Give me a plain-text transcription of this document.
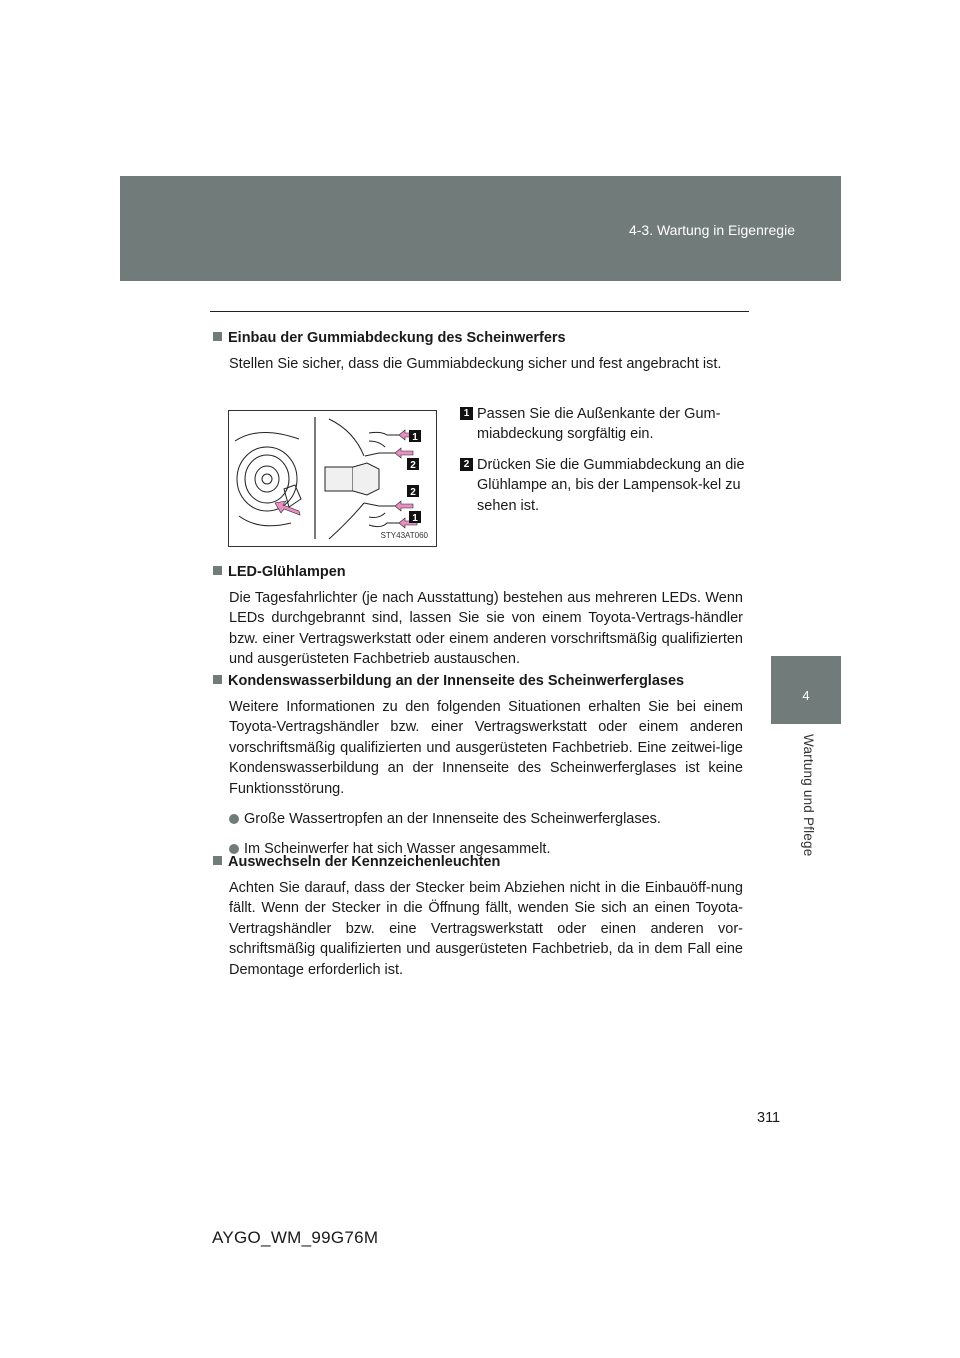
4-3. Wartung in Eigenregie
4
Wartung und Pflege
Einbau der Gummiabdeckung des Scheinwerfers
Stellen Sie sicher, dass die Gummiabdeckung sicher und fest angebracht ist.
1
2
2
1
STY43AT060
1 Passen Sie die Außenkante der Gum-miabdeckung sorgfältig ein.
2 Drücken Sie die Gummiabdeckung an die Glühlampe an, bis der Lampensok-kel zu sehen ist.
LED-Glühlampen
Die Tagesfahrlichter (je nach Ausstattung) bestehen aus mehreren LEDs. Wenn LEDs durchgebrannt sind, lassen Sie sie von einem Toyota-Vertrags-händler bzw. einer Vertragswerkstatt oder einem anderen vorschriftsmäßig qualifizierten und ausgerüsteten Fachbetrieb austauschen.
Kondenswasserbildung an der Innenseite des Scheinwerferglases
Weitere Informationen zu den folgenden Situationen erhalten Sie bei einem Toyota-Vertragshändler bzw. einer Vertragswerkstatt oder einem anderen vorschriftsmäßig qualifizierten und ausgerüsteten Fachbetrieb. Eine zeitwei-lige Kondenswasserbildung an der Innenseite des Scheinwerferglases ist keine Funktionsstörung.
Große Wassertropfen an der Innenseite des Scheinwerferglases.
Im Scheinwerfer hat sich Wasser angesammelt.
Auswechseln der Kennzeichenleuchten
Achten Sie darauf, dass der Stecker beim Abziehen nicht in die Einbauöff-nung fällt. Wenn der Stecker in die Öffnung fällt, wenden Sie sich an einen Toyota-Vertragshändler bzw. eine Vertragswerkstatt oder einen anderen vor-schriftsmäßig qualifizierten und ausgerüsteten Fachbetrieb, da in dem Fall eine Demontage erforderlich ist.
311
AYGO_WM_99G76M
